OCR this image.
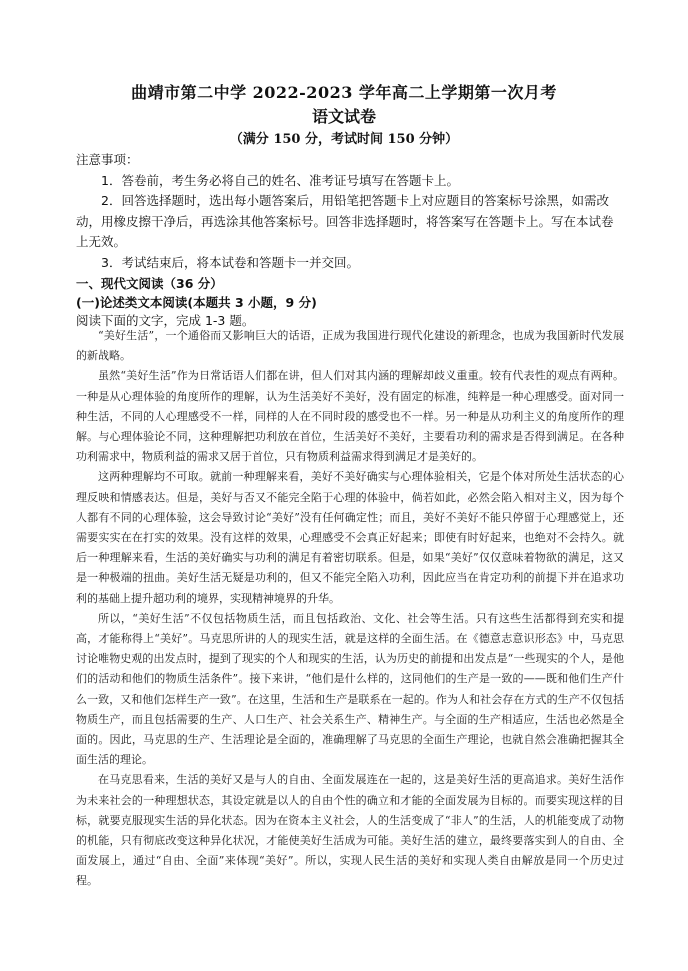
曲靖市第二中学 2022-2023 学年高二上学期第一次月考
语文试卷
（满分 150 分，考试时间 150 分钟）

注意事项：

1．答卷前，考生务必将自己的姓名、准考证号填写在答题卡上。

2．回答选择题时，选出每小题答案后，用铅笔把答题卡上对应题目的答案标号涂黑，如需改动，用橡皮擦干净后，再选涂其他答案标号。回答非选择题时，将答案写在答题卡上。写在本试卷上无效。

3．考试结束后，将本试卷和答题卡一并交回。

一、现代文阅读（36 分）

(一)论述类文本阅读(本题共 3 小题，9 分)

阅读下面的文字，完成 1-3 题。

“美好生活”，一个通俗而又影响巨大的话语，正成为我国进行现代化建设的新理念，也成为我国新时代发展的新战略。

虽然“美好生活”作为日常话语人们都在讲，但人们对其内涵的理解却歧义重重。较有代表性的观点有两种。一种是从心理体验的角度所作的理解，认为生活美好不美好，没有固定的标准，纯粹是一种心理感受。面对同一种生活，不同的人心理感受不一样，同样的人在不同时段的感受也不一样。另一种是从功利主义的角度所作的理解。与心理体验论不同，这种理解把功利放在首位，生活美好不美好，主要看功利的需求是否得到满足。在各种功利需求中，物质利益的需求又居于首位，只有物质利益需求得到满足才是美好的。

这两种理解均不可取。就前一种理解来看，美好不美好确实与心理体验相关，它是个体对所处生活状态的心理反映和情感表达。但是，美好与否又不能完全陷于心理的体验中，倘若如此，必然会陷入相对主义，因为每个人都有不同的心理体验，这会导致讨论“美好”没有任何确定性；而且，美好不美好不能只停留于心理感觉上，还需要实实在在打实的效果。没有这样的效果，心理感受不会真正好起来；即使有时好起来，也绝对不会持久。就后一种理解来看，生活的美好确实与功利的满足有着密切联系。但是，如果“美好”仅仅意味着物欲的满足，这又是一种极端的扭曲。美好生活无疑是功利的，但又不能完全陷入功利，因此应当在肯定功利的前提下并在追求功利的基础上提升超功利的境界，实现精神境界的升华。

所以，“美好生活”不仅包括物质生活，而且包括政治、文化、社会等生活。只有这些生活都得到充实和提高，才能称得上“美好”。马克思所讲的人的现实生活，就是这样的全面生活。在《德意志意识形态》中，马克思讨论唯物史观的出发点时，提到了现实的个人和现实的生活，认为历史的前提和出发点是“一些现实的个人，是他们的活动和他们的物质生活条件”。接下来讲，“他们是什么样的，这同他们的生产是一致的——既和他们生产什么一致，又和他们怎样生产一致”。在这里，生活和生产是联系在一起的。作为人和社会存在方式的生产不仅包括物质生产，而且包括需要的生产、人口生产、社会关系生产、精神生产。与全面的生产相适应，生活也必然是全面的。因此，马克思的生产、生活理论是全面的，准确理解了马克思的全面生产理论，也就自然会准确把握其全面生活的理论。

在马克思看来，生活的美好又是与人的自由、全面发展连在一起的，这是美好生活的更高追求。美好生活作为未来社会的一种理想状态，其设定就是以人的自由个性的确立和才能的全面发展为目标的。而要实现这样的目标，就要克服现实生活的异化状态。因为在资本主义社会，人的生活变成了“非人”的生活，人的机能变成了动物的机能，只有彻底改变这种异化状况，才能使美好生活成为可能。美好生活的建立，最终要落实到人的自由、全面发展上，通过“自由、全面”来体现“美好”。所以，实现人民生活的美好和实现人类自由解放是同一个历史过程。
